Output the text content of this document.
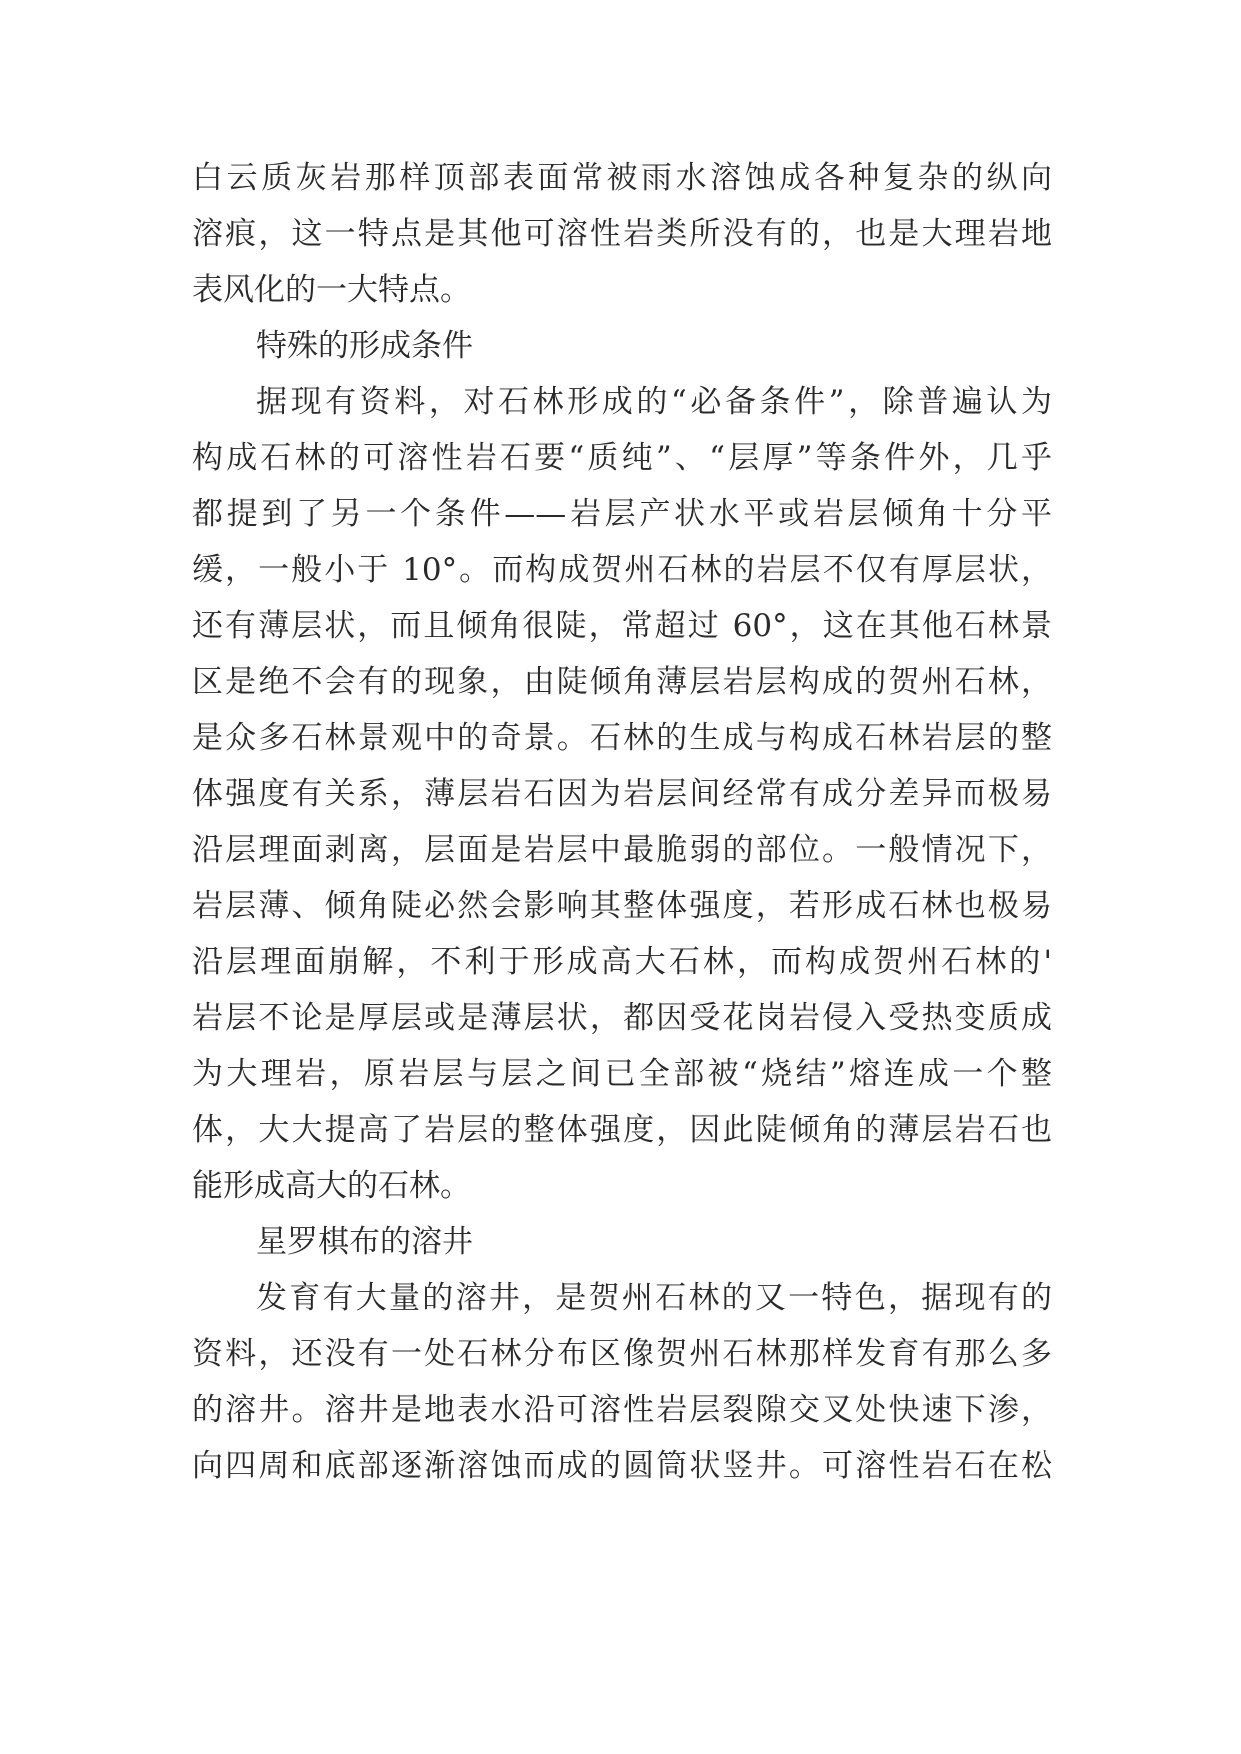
白云质灰岩那样顶部表面常被雨水溶蚀成各种复杂的纵向
溶痕，这一特点是其他可溶性岩类所没有的，也是大理岩地
表风化的一大特点。
特殊的形成条件
据现有资料，对石林形成的“必备条件”，除普遍认为
构成石林的可溶性岩石要“质纯”、“层厚”等条件外，几乎
都提到了另一个条件——岩层产状水平或岩层倾角十分平
缓，一般小于 10°。而构成贺州石林的岩层不仅有厚层状，
还有薄层状，而且倾角很陡，常超过 60°，这在其他石林景
区是绝不会有的现象，由陡倾角薄层岩层构成的贺州石林，
是众多石林景观中的奇景。石林的生成与构成石林岩层的整
体强度有关系，薄层岩石因为岩层间经常有成分差异而极易
沿层理面剥离，层面是岩层中最脆弱的部位。一般情况下，
岩层薄、倾角陡必然会影响其整体强度，若形成石林也极易
沿层理面崩解，不利于形成高大石林，而构成贺州石林的'
岩层不论是厚层或是薄层状，都因受花岗岩侵入受热变质成
为大理岩，原岩层与层之间已全部被“烧结”熔连成一个整
体，大大提高了岩层的整体强度，因此陡倾角的薄层岩石也
能形成高大的石林。
星罗棋布的溶井
发育有大量的溶井，是贺州石林的又一特色，据现有的
资料，还没有一处石林分布区像贺州石林那样发育有那么多
的溶井。溶井是地表水沿可溶性岩层裂隙交叉处快速下渗，
向四周和底部逐渐溶蚀而成的圆筒状竖井。可溶性岩石在松
